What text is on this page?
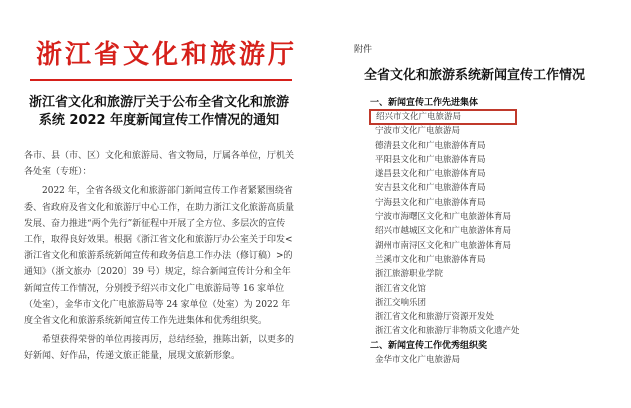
浙江省文化和旅游厅
浙江省文化和旅游厅关于公布全省文化和旅游
系统 2022 年度新闻宣传工作情况的通知

各市、县（市、区）文化和旅游局、省文物局，厅属各单位，厅机关各处室（专班）：

2022 年，全省各级文化和旅游部门新闻宣传工作者紧紧围绕省委、省政府及省文化和旅游厅中心工作，在助力浙江文化旅游高质量发展、奋力推进“两个先行”新征程中开展了全方位、多层次的宣传工作，取得良好效果。根据《浙江省文化和旅游厅办公室关于印发<浙江省文化和旅游系统新闻宣传和政务信息工作办法（修订稿）>的通知》（浙文旅办〔2020〕39 号）规定，综合新闻宣传计分和全年新闻宣传工作情况，分别授予绍兴市文化广电旅游局等 16 家单位（处室），金华市文化广电旅游局等 24 家单位（处室）为 2022 年度全省文化和旅游系统新闻宣传工作先进集体和优秀组织奖。

希望获得荣誉的单位再接再厉，总结经验，推陈出新，以更多的好新闻、好作品，传递文旅正能量，展现文旅新形象。

附件
全省文化和旅游系统新闻宣传工作情况
一、新闻宣传工作先进集体
绍兴市文化广电旅游局
宁波市文化广电旅游局
德清县文化和广电旅游体育局
平阳县文化和广电旅游体育局
遂昌县文化和广电旅游体育局
安吉县文化和广电旅游体育局
宁海县文化和广电旅游体育局
宁波市海曙区文化和广电旅游体育局
绍兴市越城区文化和广电旅游体育局
湖州市南浔区文化和广电旅游体育局
兰溪市文化和广电旅游体育局
浙江旅游职业学院
浙江省文化馆
浙江交响乐团
浙江省文化和旅游厅资源开发处
浙江省文化和旅游厅非物质文化遗产处
二、新闻宣传工作优秀组织奖
金华市文化广电旅游局
